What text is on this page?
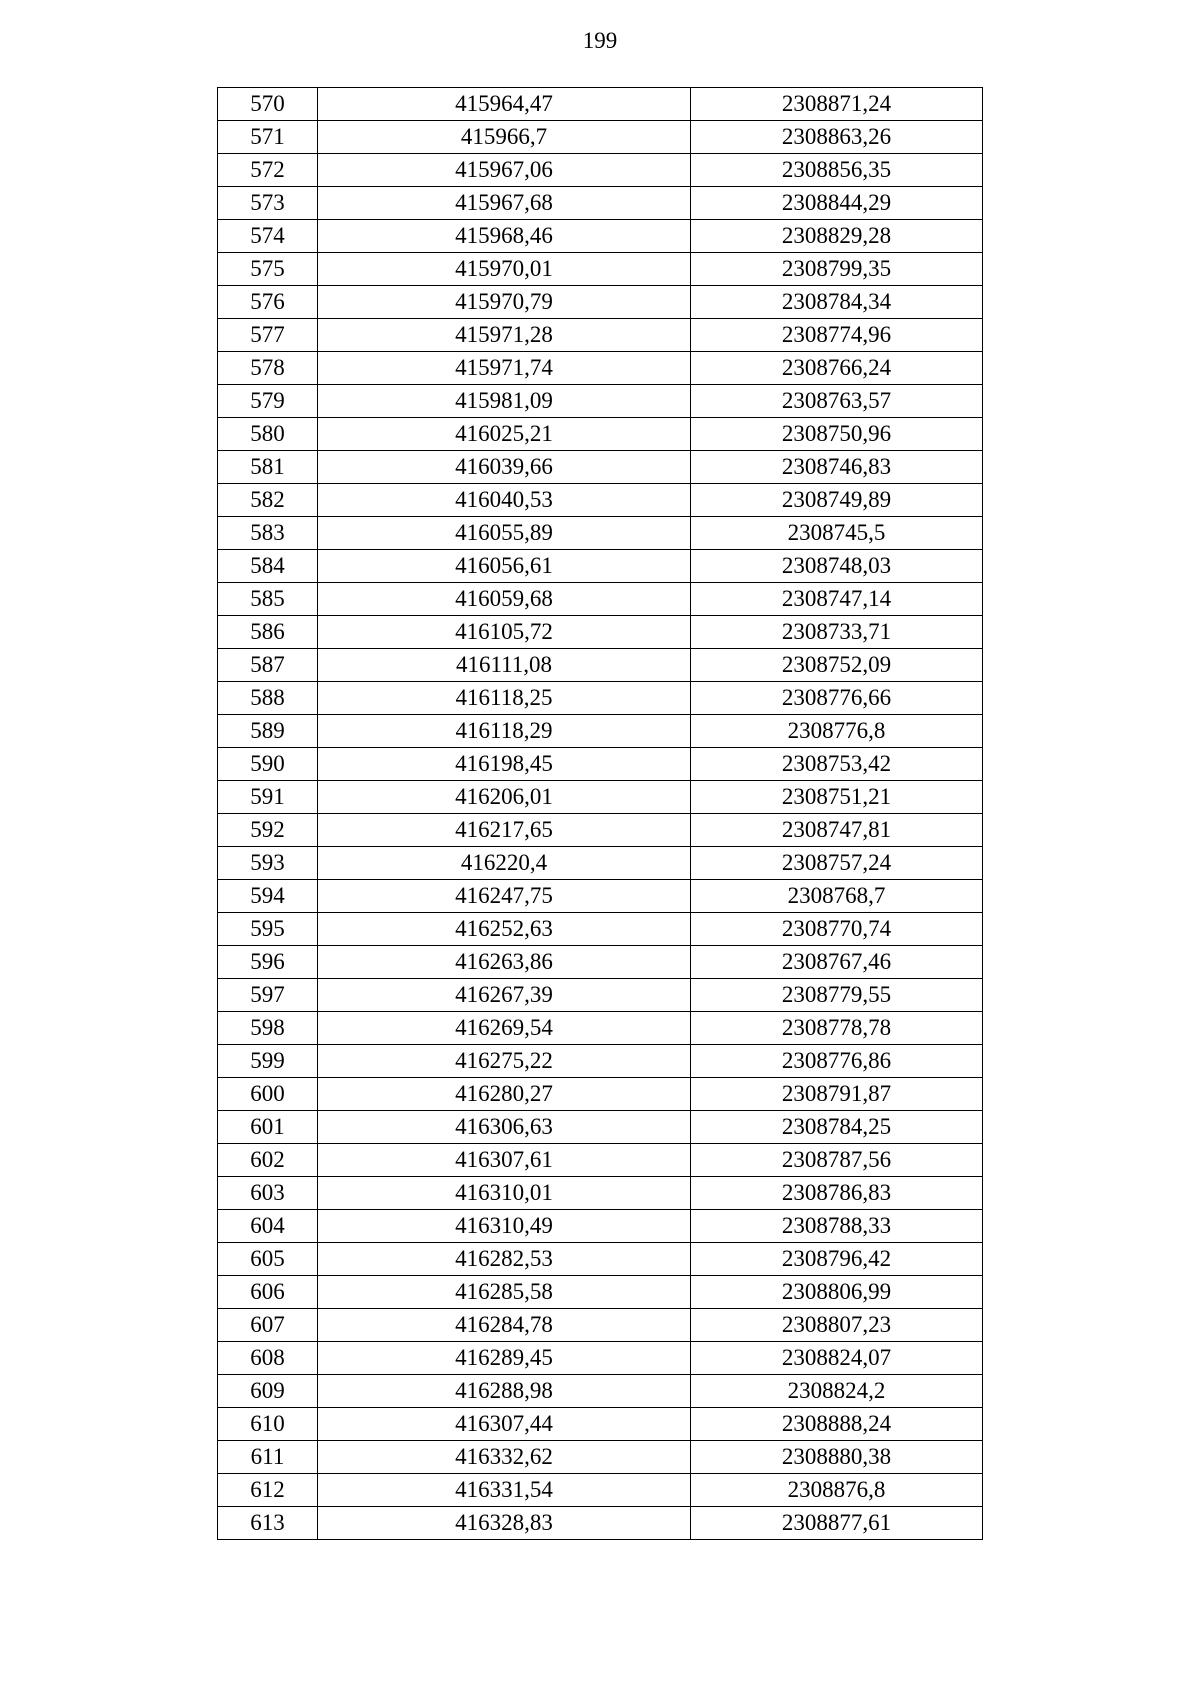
199
570	415964,47	2308871,24
571	415966,7	2308863,26
572	415967,06	2308856,35
573	415967,68	2308844,29
574	415968,46	2308829,28
575	415970,01	2308799,35
576	415970,79	2308784,34
577	415971,28	2308774,96
578	415971,74	2308766,24
579	415981,09	2308763,57
580	416025,21	2308750,96
581	416039,66	2308746,83
582	416040,53	2308749,89
583	416055,89	2308745,5
584	416056,61	2308748,03
585	416059,68	2308747,14
586	416105,72	2308733,71
587	416111,08	2308752,09
588	416118,25	2308776,66
589	416118,29	2308776,8
590	416198,45	2308753,42
591	416206,01	2308751,21
592	416217,65	2308747,81
593	416220,4	2308757,24
594	416247,75	2308768,7
595	416252,63	2308770,74
596	416263,86	2308767,46
597	416267,39	2308779,55
598	416269,54	2308778,78
599	416275,22	2308776,86
600	416280,27	2308791,87
601	416306,63	2308784,25
602	416307,61	2308787,56
603	416310,01	2308786,83
604	416310,49	2308788,33
605	416282,53	2308796,42
606	416285,58	2308806,99
607	416284,78	2308807,23
608	416289,45	2308824,07
609	416288,98	2308824,2
610	416307,44	2308888,24
611	416332,62	2308880,38
612	416331,54	2308876,8
613	416328,83	2308877,61
